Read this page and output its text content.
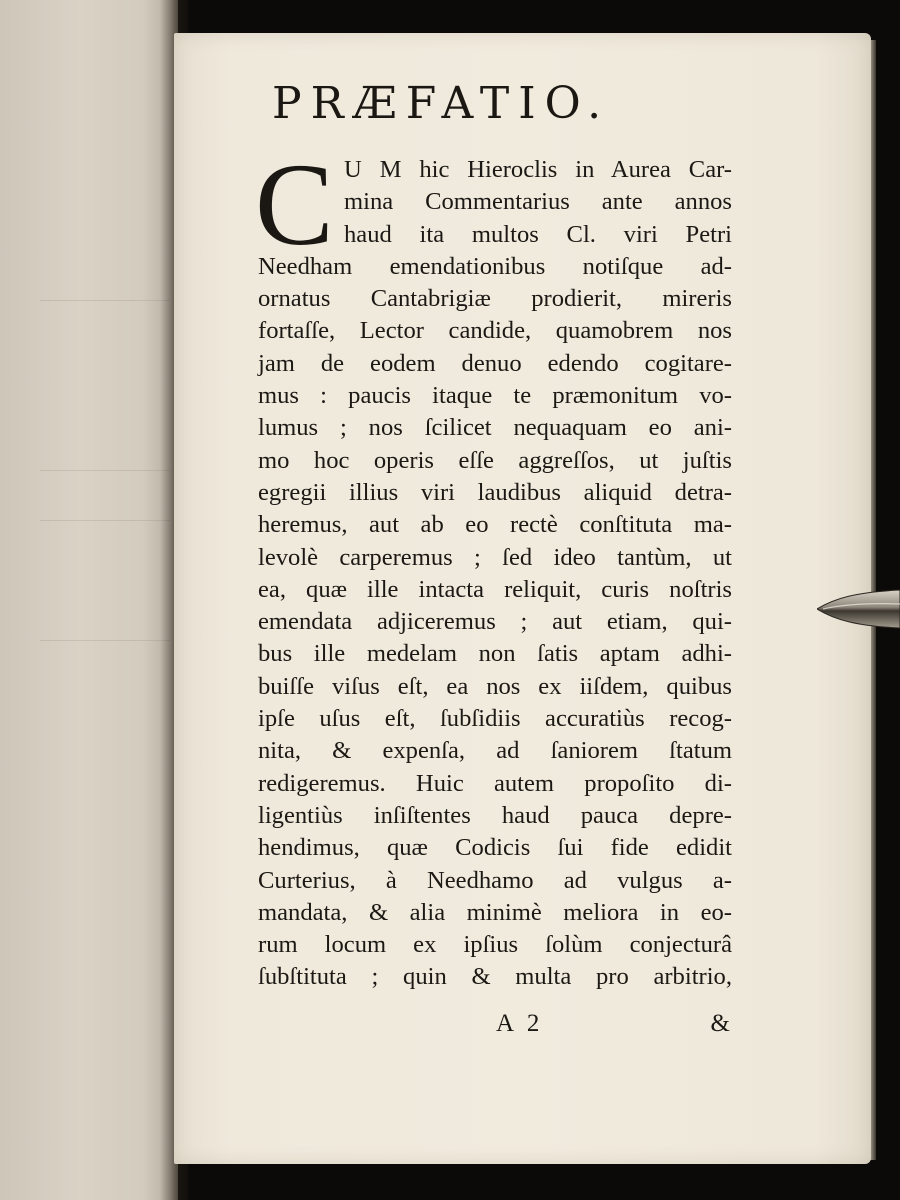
PRÆFATIO.
C U M hic Hieroclis in Aurea Car-
mina Commentarius ante annos
haud ita multos Cl. viri Petri
Needham emendationibus notiſque ad-
ornatus Cantabrigiæ prodierit, mireris
fortaſſe, Lector candide, quamobrem nos
jam de eodem denuo edendo cogitare-
mus : paucis itaque te præmonitum vo-
lumus ; nos ſcilicet nequaquam eo ani-
mo hoc operis eſſe aggreſſos, ut juſtis
egregii illius viri laudibus aliquid detra-
heremus, aut ab eo rectè conſtituta ma-
levolè carperemus ; ſed ideo tantùm, ut
ea, quæ ille intacta reliquit, curis noſtris
emendata adjiceremus ; aut etiam, qui-
bus ille medelam non ſatis aptam adhi-
buiſſe viſus eſt, ea nos ex iiſdem, quibus
ipſe uſus eſt, ſubſidiis accuratiùs recog-
nita, & expenſa, ad ſaniorem ſtatum
redigeremus. Huic autem propoſito di-
ligentiùs inſiſtentes haud pauca depre-
hendimus, quæ Codicis ſui fide edidit
Curterius, à Needhamo ad vulgus a-
mandata, & alia minimè meliora in eo-
rum locum ex ipſius ſolùm conjecturâ
ſubſtituta ; quin & multa pro arbitrio,
A 2	&
